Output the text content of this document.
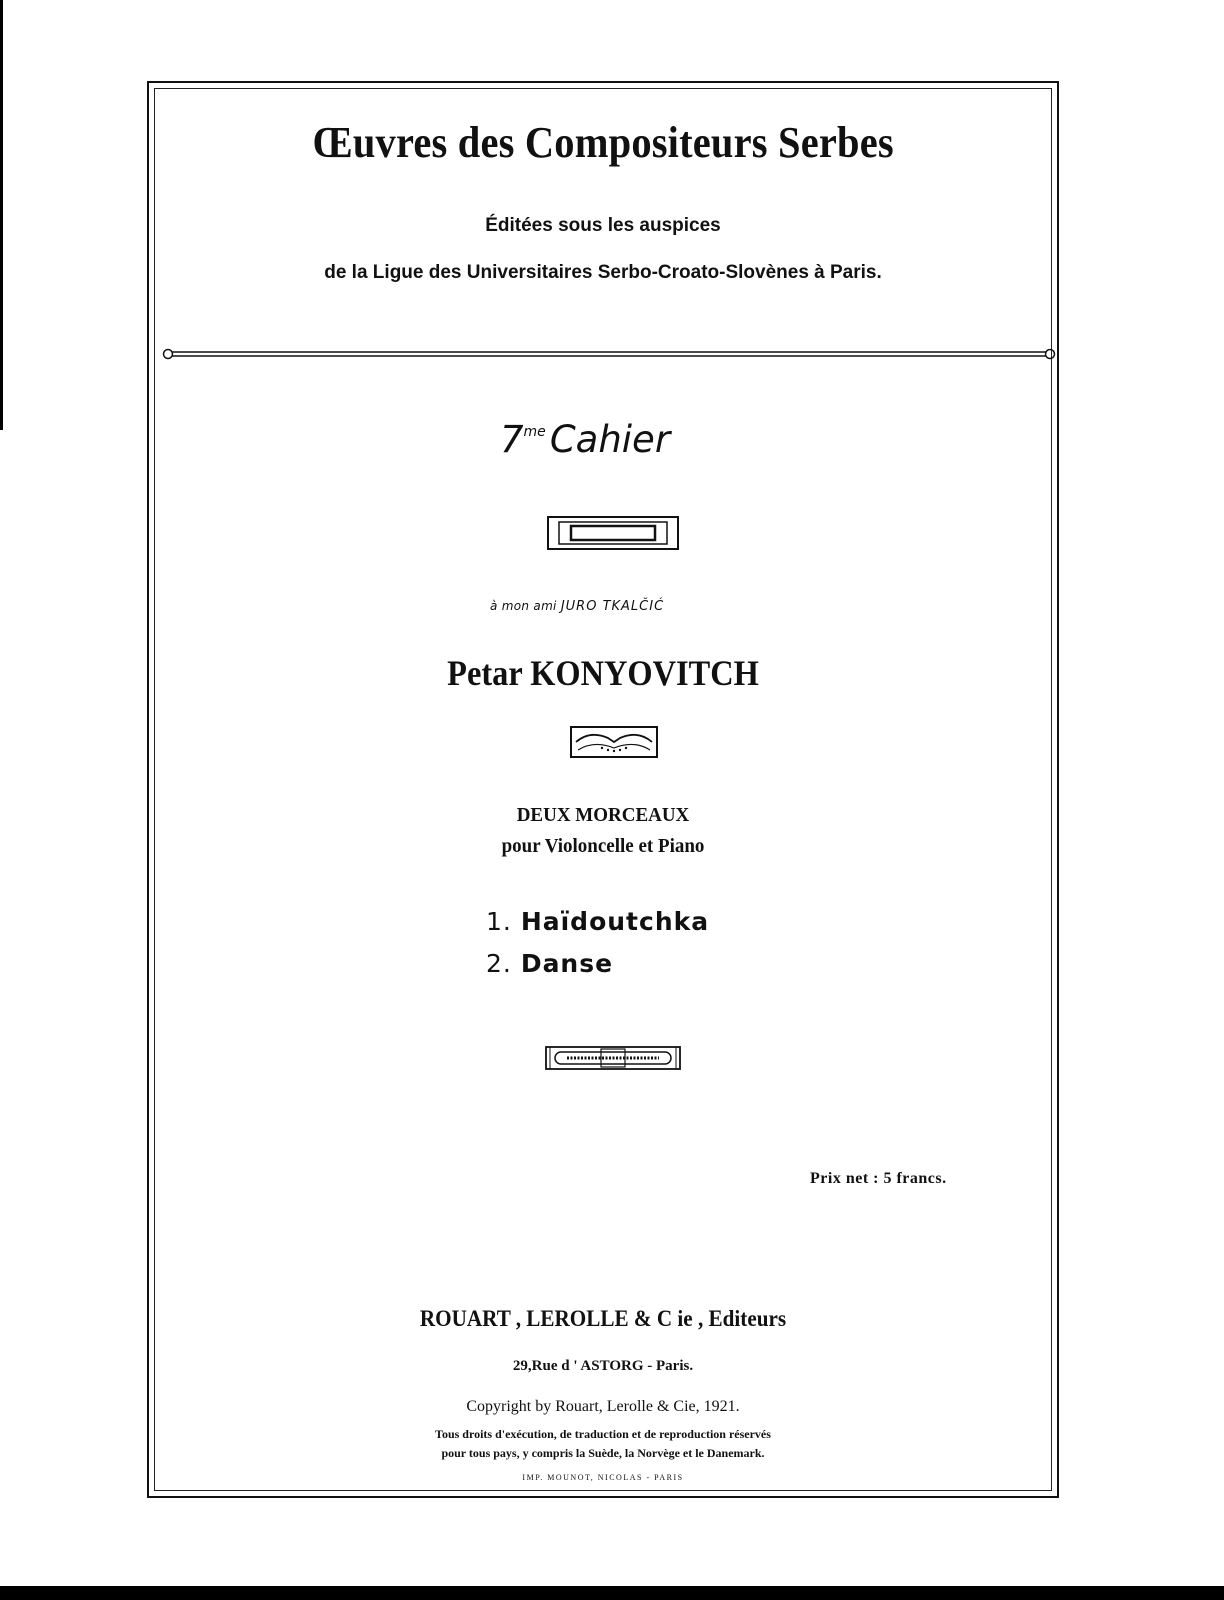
Œuvres des Compositeurs Serbes
Éditées sous les auspices
de la Ligue des Universitaires Serbo-Croato-Slovènes à Paris.
$7^{me}$ Cahier
à mon ami JURO TKALČIĆ
Petar KONYOVITCH
DEUX MORCEAUX
pour Violoncelle et Piano
1. Haïdoutchka
2. Danse
Prix net : 5 francs.
ROUART , LEROLLE & C ie , Editeurs
29,Rue d ' ASTORG - Paris.
Copyright by Rouart, Lerolle & Cie, 1921.
Tous droits d'exécution, de traduction et de reproduction réservés
pour tous pays, y compris la Suède, la Norvège et le Danemark.
IMP. MOUNOT, NICOLAS - PARIS
